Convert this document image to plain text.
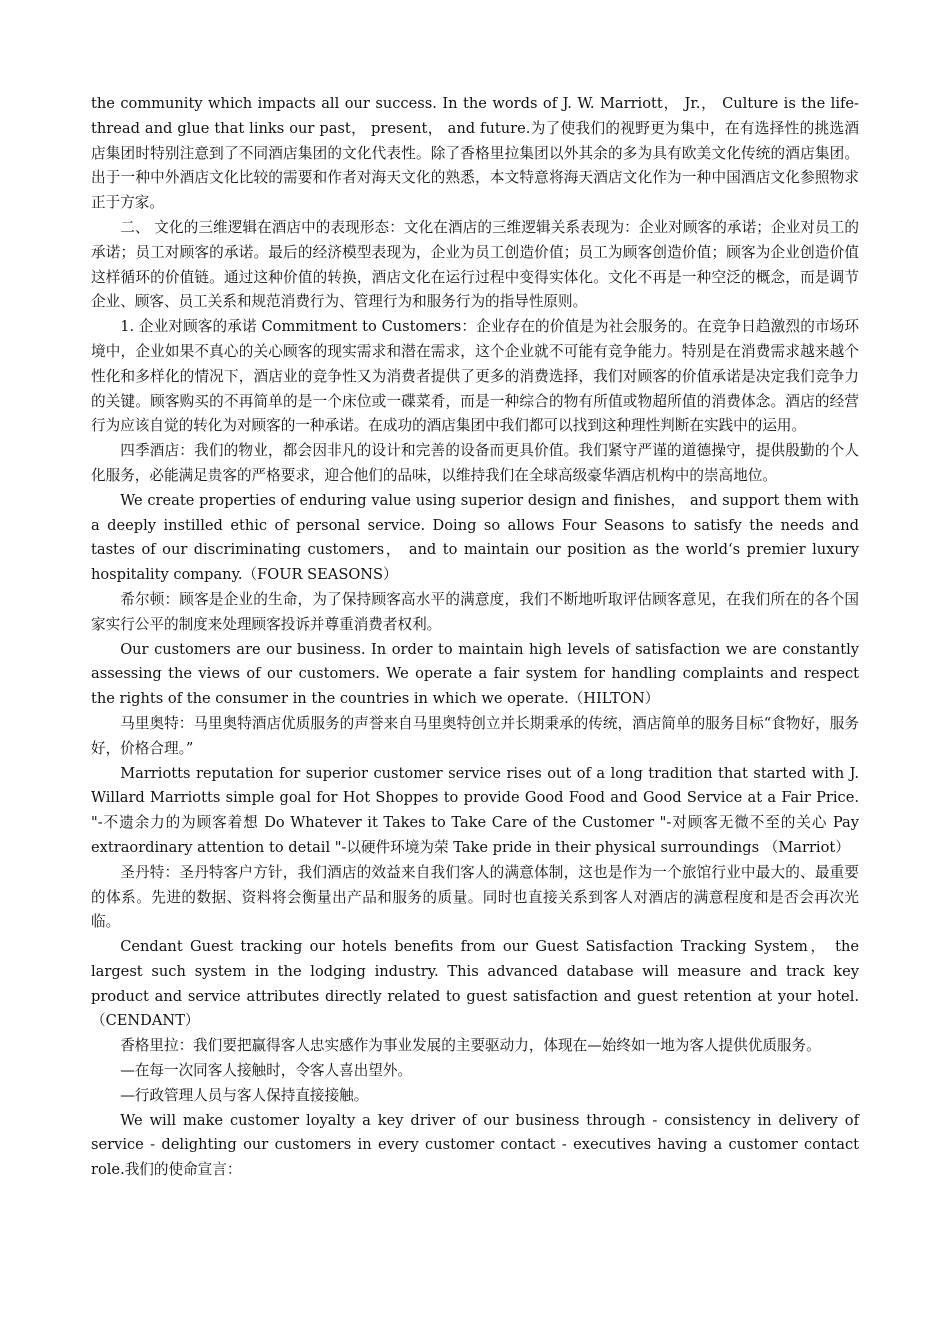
the community which impacts all our success. In the words of J. W. Marriott， Jr.， Culture is the life-thread and glue that links our past， present， and future.为了使我们的视野更为集中，在有选择性的挑选酒店集团时特别注意到了不同酒店集团的文化代表性。除了香格里拉集团以外其余的多为具有欧美文化传统的酒店集团。出于一种中外酒店文化比较的需要和作者对海天文化的熟悉，本文特意将海天酒店文化作为一种中国酒店文化参照物求正于方家。

二、 文化的三维逻辑在酒店中的表现形态：文化在酒店的三维逻辑关系表现为：企业对顾客的承诺；企业对员工的承诺；员工对顾客的承诺。最后的经济模型表现为，企业为员工创造价值；员工为顾客创造价值；顾客为企业创造价值这样循环的价值链。通过这种价值的转换，酒店文化在运行过程中变得实体化。文化不再是一种空泛的概念，而是调节企业、顾客、员工关系和规范消费行为、管理行为和服务行为的指导性原则。

1. 企业对顾客的承诺 Commitment to Customers：企业存在的价值是为社会服务的。在竞争日趋激烈的市场环境中，企业如果不真心的关心顾客的现实需求和潜在需求，这个企业就不可能有竞争能力。特别是在消费需求越来越个性化和多样化的情况下，酒店业的竞争性又为消费者提供了更多的消费选择，我们对顾客的价值承诺是决定我们竞争力的关键。顾客购买的不再简单的是一个床位或一碟菜肴，而是一种综合的物有所值或物超所值的消费体念。酒店的经营行为应该自觉的转化为对顾客的一种承诺。在成功的酒店集团中我们都可以找到这种理性判断在实践中的运用。

四季酒店：我们的物业，都会因非凡的设计和完善的设备而更具价值。我们紧守严谨的道德操守，提供殷勤的个人化服务，必能满足贵客的严格要求，迎合他们的品味，以维持我们在全球高级豪华酒店机构中的崇高地位。

We create properties of enduring value using superior design and finishes， and support them with a deeply instilled ethic of personal service. Doing so allows Four Seasons to satisfy the needs and tastes of our discriminating customers， and to maintain our position as the world‘s premier luxury hospitality company.（FOUR SEASONS）

希尔顿：顾客是企业的生命，为了保持顾客高水平的满意度，我们不断地听取评估顾客意见，在我们所在的各个国家实行公平的制度来处理顾客投诉并尊重消费者权利。

Our customers are our business. In order to maintain high levels of satisfaction we are constantly assessing the views of our customers. We operate a fair system for handling complaints and respect the rights of the consumer in the countries in which we operate.（HILTON）

马里奥特：马里奥特酒店优质服务的声誉来自马里奥特创立并长期秉承的传统，酒店简单的服务目标“食物好，服务好，价格合理。”

Marriotts reputation for superior customer service rises out of a long tradition that started with J. Willard Marriotts simple goal for Hot Shoppes to provide Good Food and Good Service at a Fair Price. "-不遗余力的为顾客着想 Do Whatever it Takes to Take Care of the Customer "-对顾客无微不至的关心 Pay extraordinary attention to detail "-以硬件环境为荣 Take pride in their physical surroundings （Marriot）

圣丹特：圣丹特客户方针，我们酒店的效益来自我们客人的满意体制，这也是作为一个旅馆行业中最大的、最重要的体系。先进的数据、资料将会衡量出产品和服务的质量。同时也直接关系到客人对酒店的满意程度和是否会再次光临。

Cendant Guest tracking our hotels benefits from our Guest Satisfaction Tracking System， the largest such system in the lodging industry. This advanced database will measure and track key product and service attributes directly related to guest satisfaction and guest retention at your hotel.（CENDANT）

香格里拉：我们要把赢得客人忠实感作为事业发展的主要驱动力，体现在—始终如一地为客人提供优质服务。

—在每一次同客人接触时，令客人喜出望外。

—行政管理人员与客人保持直接接触。

We will make customer loyalty a key driver of our business through - consistency in delivery of service - delighting our customers in every customer contact - executives having a customer contact role.我们的使命宣言：
